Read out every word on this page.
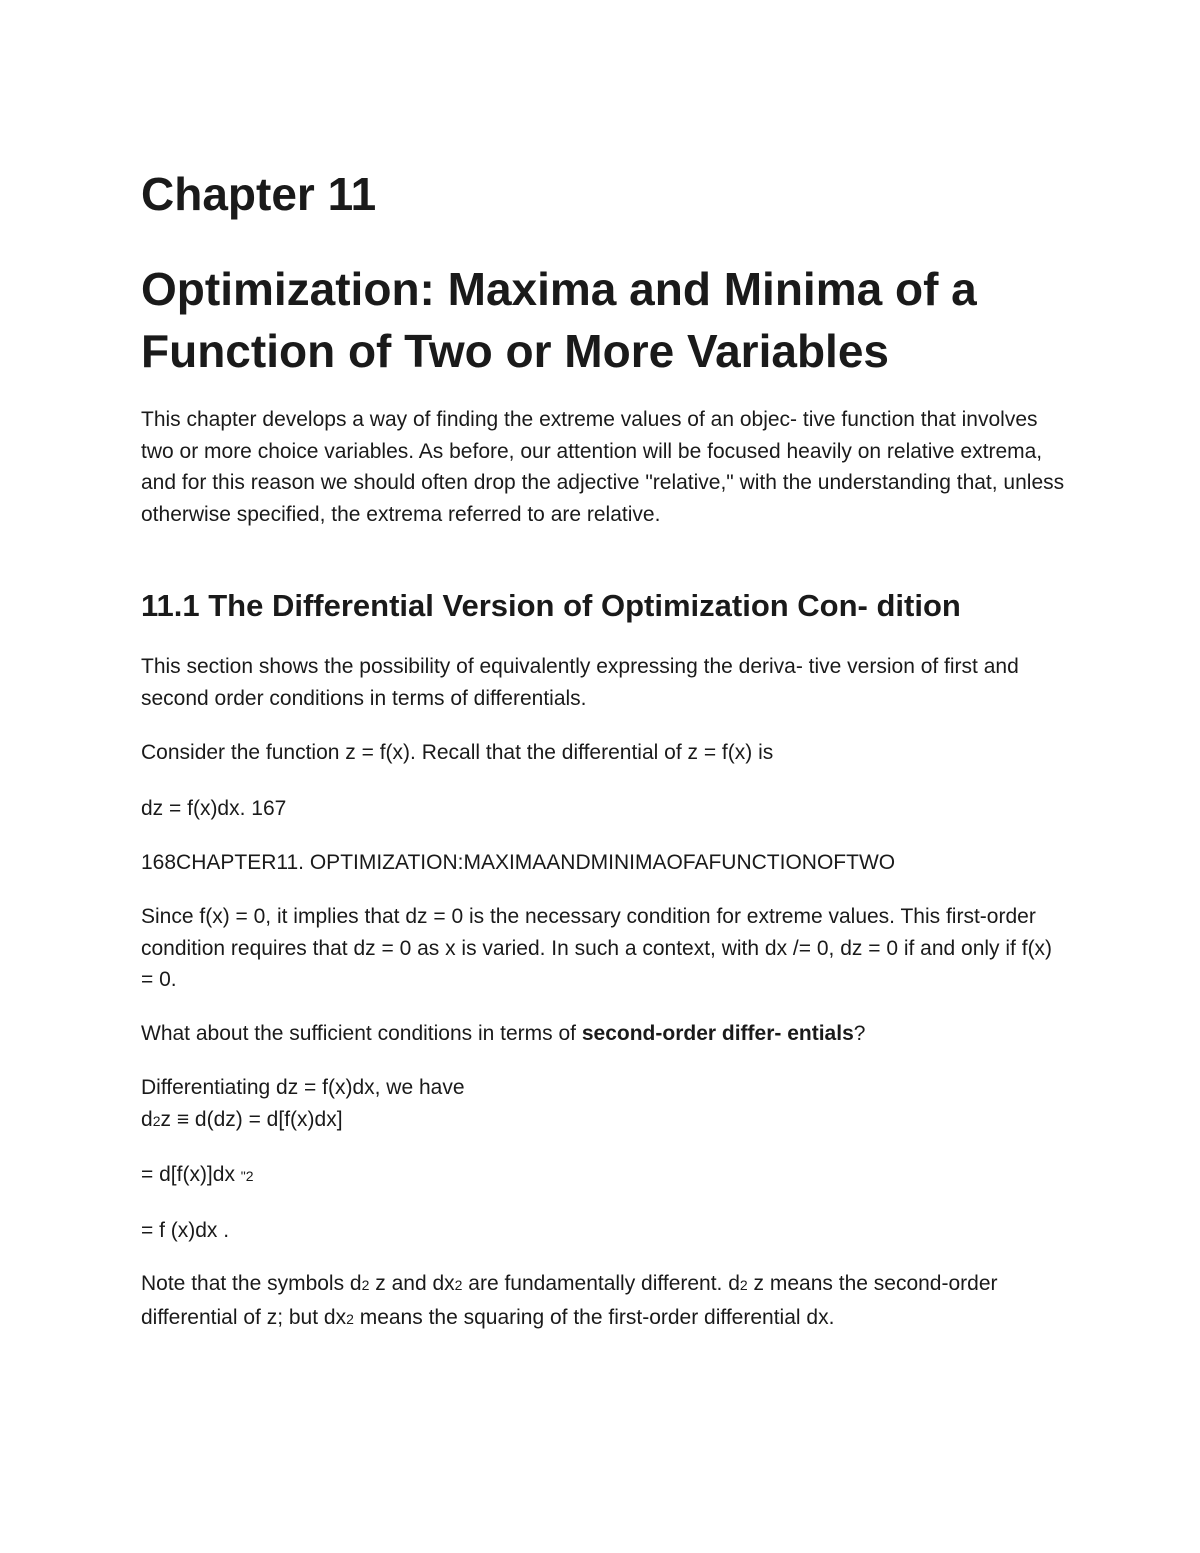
Chapter 11
Optimization: Maxima and Minima of a Function of Two or More Variables

This chapter develops a way of finding the extreme values of an objec- tive function that involves two or more choice variables. As before, our attention will be focused heavily on relative extrema, and for this reason we should often drop the adjective "relative," with the understanding that, unless otherwise specified, the extrema referred to are relative.

11.1 The Differential Version of Optimization Con- dition

This section shows the possibility of equivalently expressing the deriva- tive version of first and second order conditions in terms of differentials.

Consider the function z = f(x). Recall that the differential of z = f(x) is

dz = f(x)dx. 167

168CHAPTER11. OPTIMIZATION:MAXIMAANDMINIMAOFAFUNCTIONOFTWO

Since f(x) = 0, it implies that dz = 0 is the necessary condition for extreme values. This first-order condition requires that dz = 0 as x is varied. In such a context, with dx /= 0, dz = 0 if and only if f(x) = 0.

What about the sufficient conditions in terms of second-order differ- entials?

Differentiating dz = f(x)dx, we have
d2z ≡ d(dz) = d[f(x)dx]
= d[f(x)]dx "2
= f (x)dx .

Note that the symbols d2 z and dx2 are fundamentally different. d2 z means the second-order differential of z; but dx2 means the squaring of the first-order differential dx.
